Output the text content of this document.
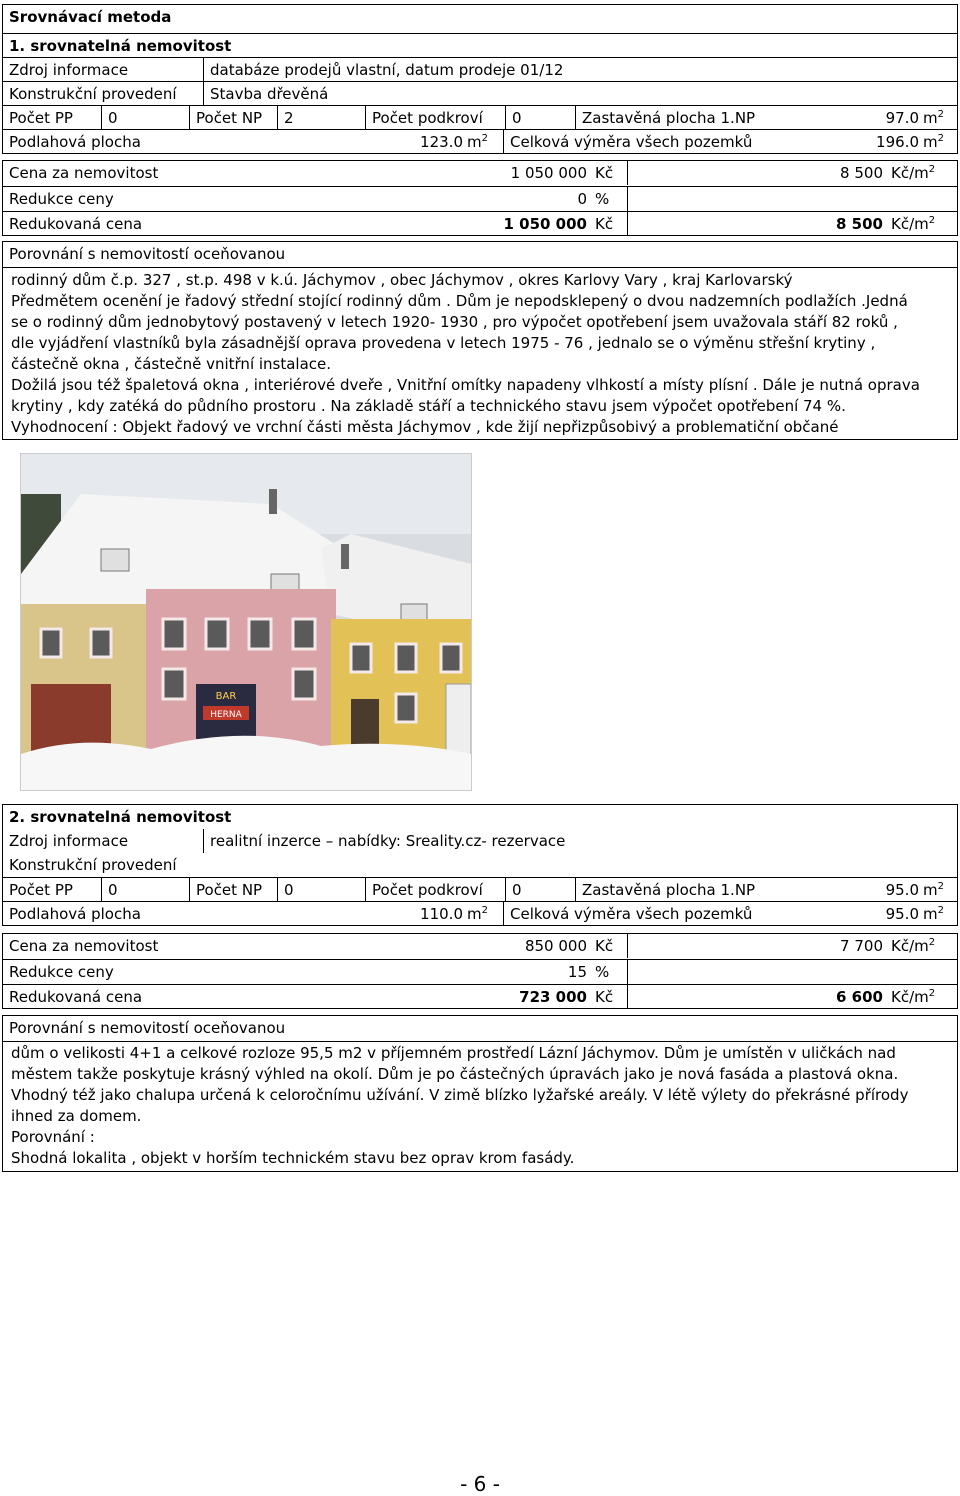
Srovnávací metoda
1. srovnatelná nemovitost
Zdroj informace	databáze prodejů vlastní, datum prodeje 01/12
Konstrukční provedení	Stavba dřevěná
Počet PP	0	Počet NP	2	Počet podkroví	0	Zastavěná plocha 1.NP	97.0 $m^2$
Podlahová plocha	123.0 $m^2$	Celková výměra všech pozemků	196.0 $m^2$
Cena za nemovitost	1 050 000 Kč	8 500 $Kč/m^2$
Redukce ceny	0 %
Redukovaná cena	1 050 000 Kč	8 500 $Kč/m^2$
Porovnání s nemovitostí oceňovanou
rodinný dům č.p. 327 , st.p. 498 v k.ú. Jáchymov , obec Jáchymov , okres Karlovy Vary , kraj Karlovarský
Předmětem ocenění je řadový střední stojící rodinný dům . Dům je nepodsklepený o dvou nadzemních podlažích .Jedná
se o rodinný dům jednobytový postavený v letech 1920- 1930 , pro výpočet opotřebení jsem uvažovala stáří 82 roků ,
dle vyjádření vlastníků byla zásadnější oprava provedena v letech 1975 - 76 , jednalo se o výměnu střešní krytiny ,
částečně okna , částečně vnitřní instalace.
Dožilá jsou též špaletová okna , interiérové dveře , Vnitřní omítky napadeny vlhkostí a místy plísní . Dále je nutná oprava
krytiny , kdy zatéká do půdního prostoru . Na základě stáří a technického stavu jsem výpočet opotřebení 74 %.
Vyhodnocení : Objekt řadový ve vrchní části města Jáchymov , kde žijí nepřizpůsobivý a problematiční občané
BAR
HERNA
2. srovnatelná nemovitost
Zdroj informace	realitní inzerce – nabídky: Sreality.cz- rezervace
Konstrukční provedení
Počet PP	0	Počet NP	0	Počet podkroví	0	Zastavěná plocha 1.NP	95.0 $m^2$
Podlahová plocha	110.0 $m^2$	Celková výměra všech pozemků	95.0 $m^2$
Cena za nemovitost	850 000 Kč	7 700 $Kč/m^2$
Redukce ceny	15 %
Redukovaná cena	723 000 Kč	6 600 $Kč/m^2$
Porovnání s nemovitostí oceňovanou
dům o velikosti 4+1 a celkové rozloze 95,5 m2 v příjemném prostředí Lázní Jáchymov. Dům je umístěn v uličkách nad
městem takže poskytuje krásný výhled na okolí. Dům je po částečných úpravách jako je nová fasáda a plastová okna.
Vhodný též jako chalupa určená k celoročnímu užívání. V zimě blízko lyžařské areály. V létě výlety do překrásné přírody
ihned za domem.
Porovnání :
Shodná lokalita , objekt v horším technickém stavu bez oprav krom fasády.
- 6 -
